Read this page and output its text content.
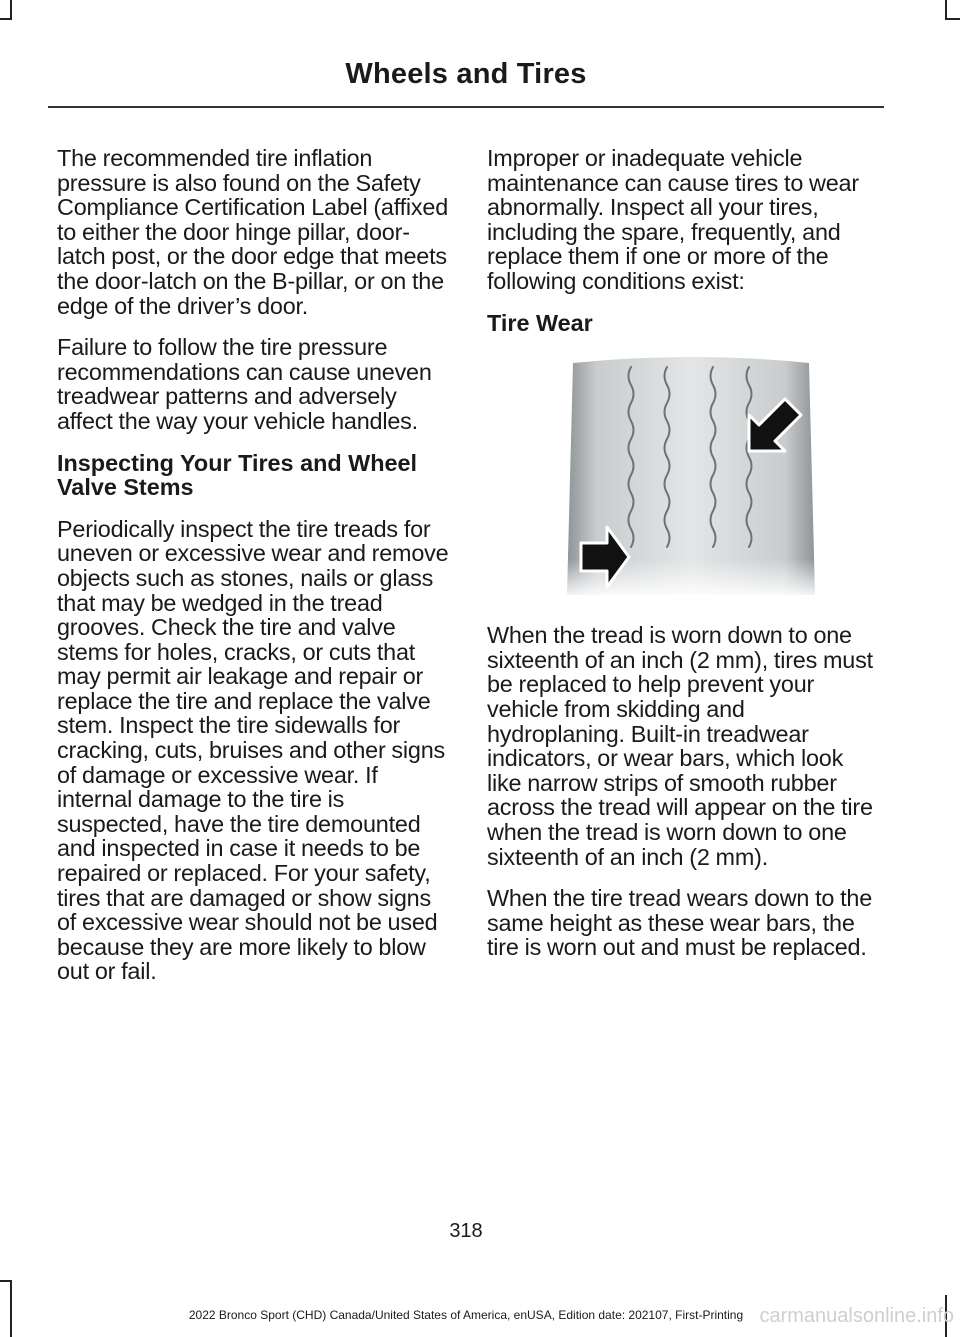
Wheels and Tires

The recommended tire inflation pressure is also found on the Safety Compliance Certification Label (affixed to either the door hinge pillar, door-latch post, or the door edge that meets the door-latch on the B-pillar, or on the edge of the driver’s door.

Failure to follow the tire pressure recommendations can cause uneven treadwear patterns and adversely affect the way your vehicle handles.

Inspecting Your Tires and Wheel Valve Stems

Periodically inspect the tire treads for uneven or excessive wear and remove objects such as stones, nails or glass that may be wedged in the tread grooves. Check the tire and valve stems for holes, cracks, or cuts that may permit air leakage and repair or replace the tire and replace the valve stem. Inspect the tire sidewalls for cracking, cuts, bruises and other signs of damage or excessive wear. If internal damage to the tire is suspected, have the tire demounted and inspected in case it needs to be repaired or replaced. For your safety, tires that are damaged or show signs of excessive wear should not be used because they are more likely to blow out or fail.

Improper or inadequate vehicle maintenance can cause tires to wear abnormally. Inspect all your tires, including the spare, frequently, and replace them if one or more of the following conditions exist:

Tire Wear

When the tread is worn down to one sixteenth of an inch (2 mm), tires must be replaced to help prevent your vehicle from skidding and hydroplaning. Built-in treadwear indicators, or wear bars, which look like narrow strips of smooth rubber across the tread will appear on the tire when the tread is worn down to one sixteenth of an inch (2 mm).

When the tire tread wears down to the same height as these wear bars, the tire is worn out and must be replaced.

318
2022 Bronco Sport (CHD) Canada/United States of America, enUSA, Edition date: 202107, First-Printing carmanualsonline.info
